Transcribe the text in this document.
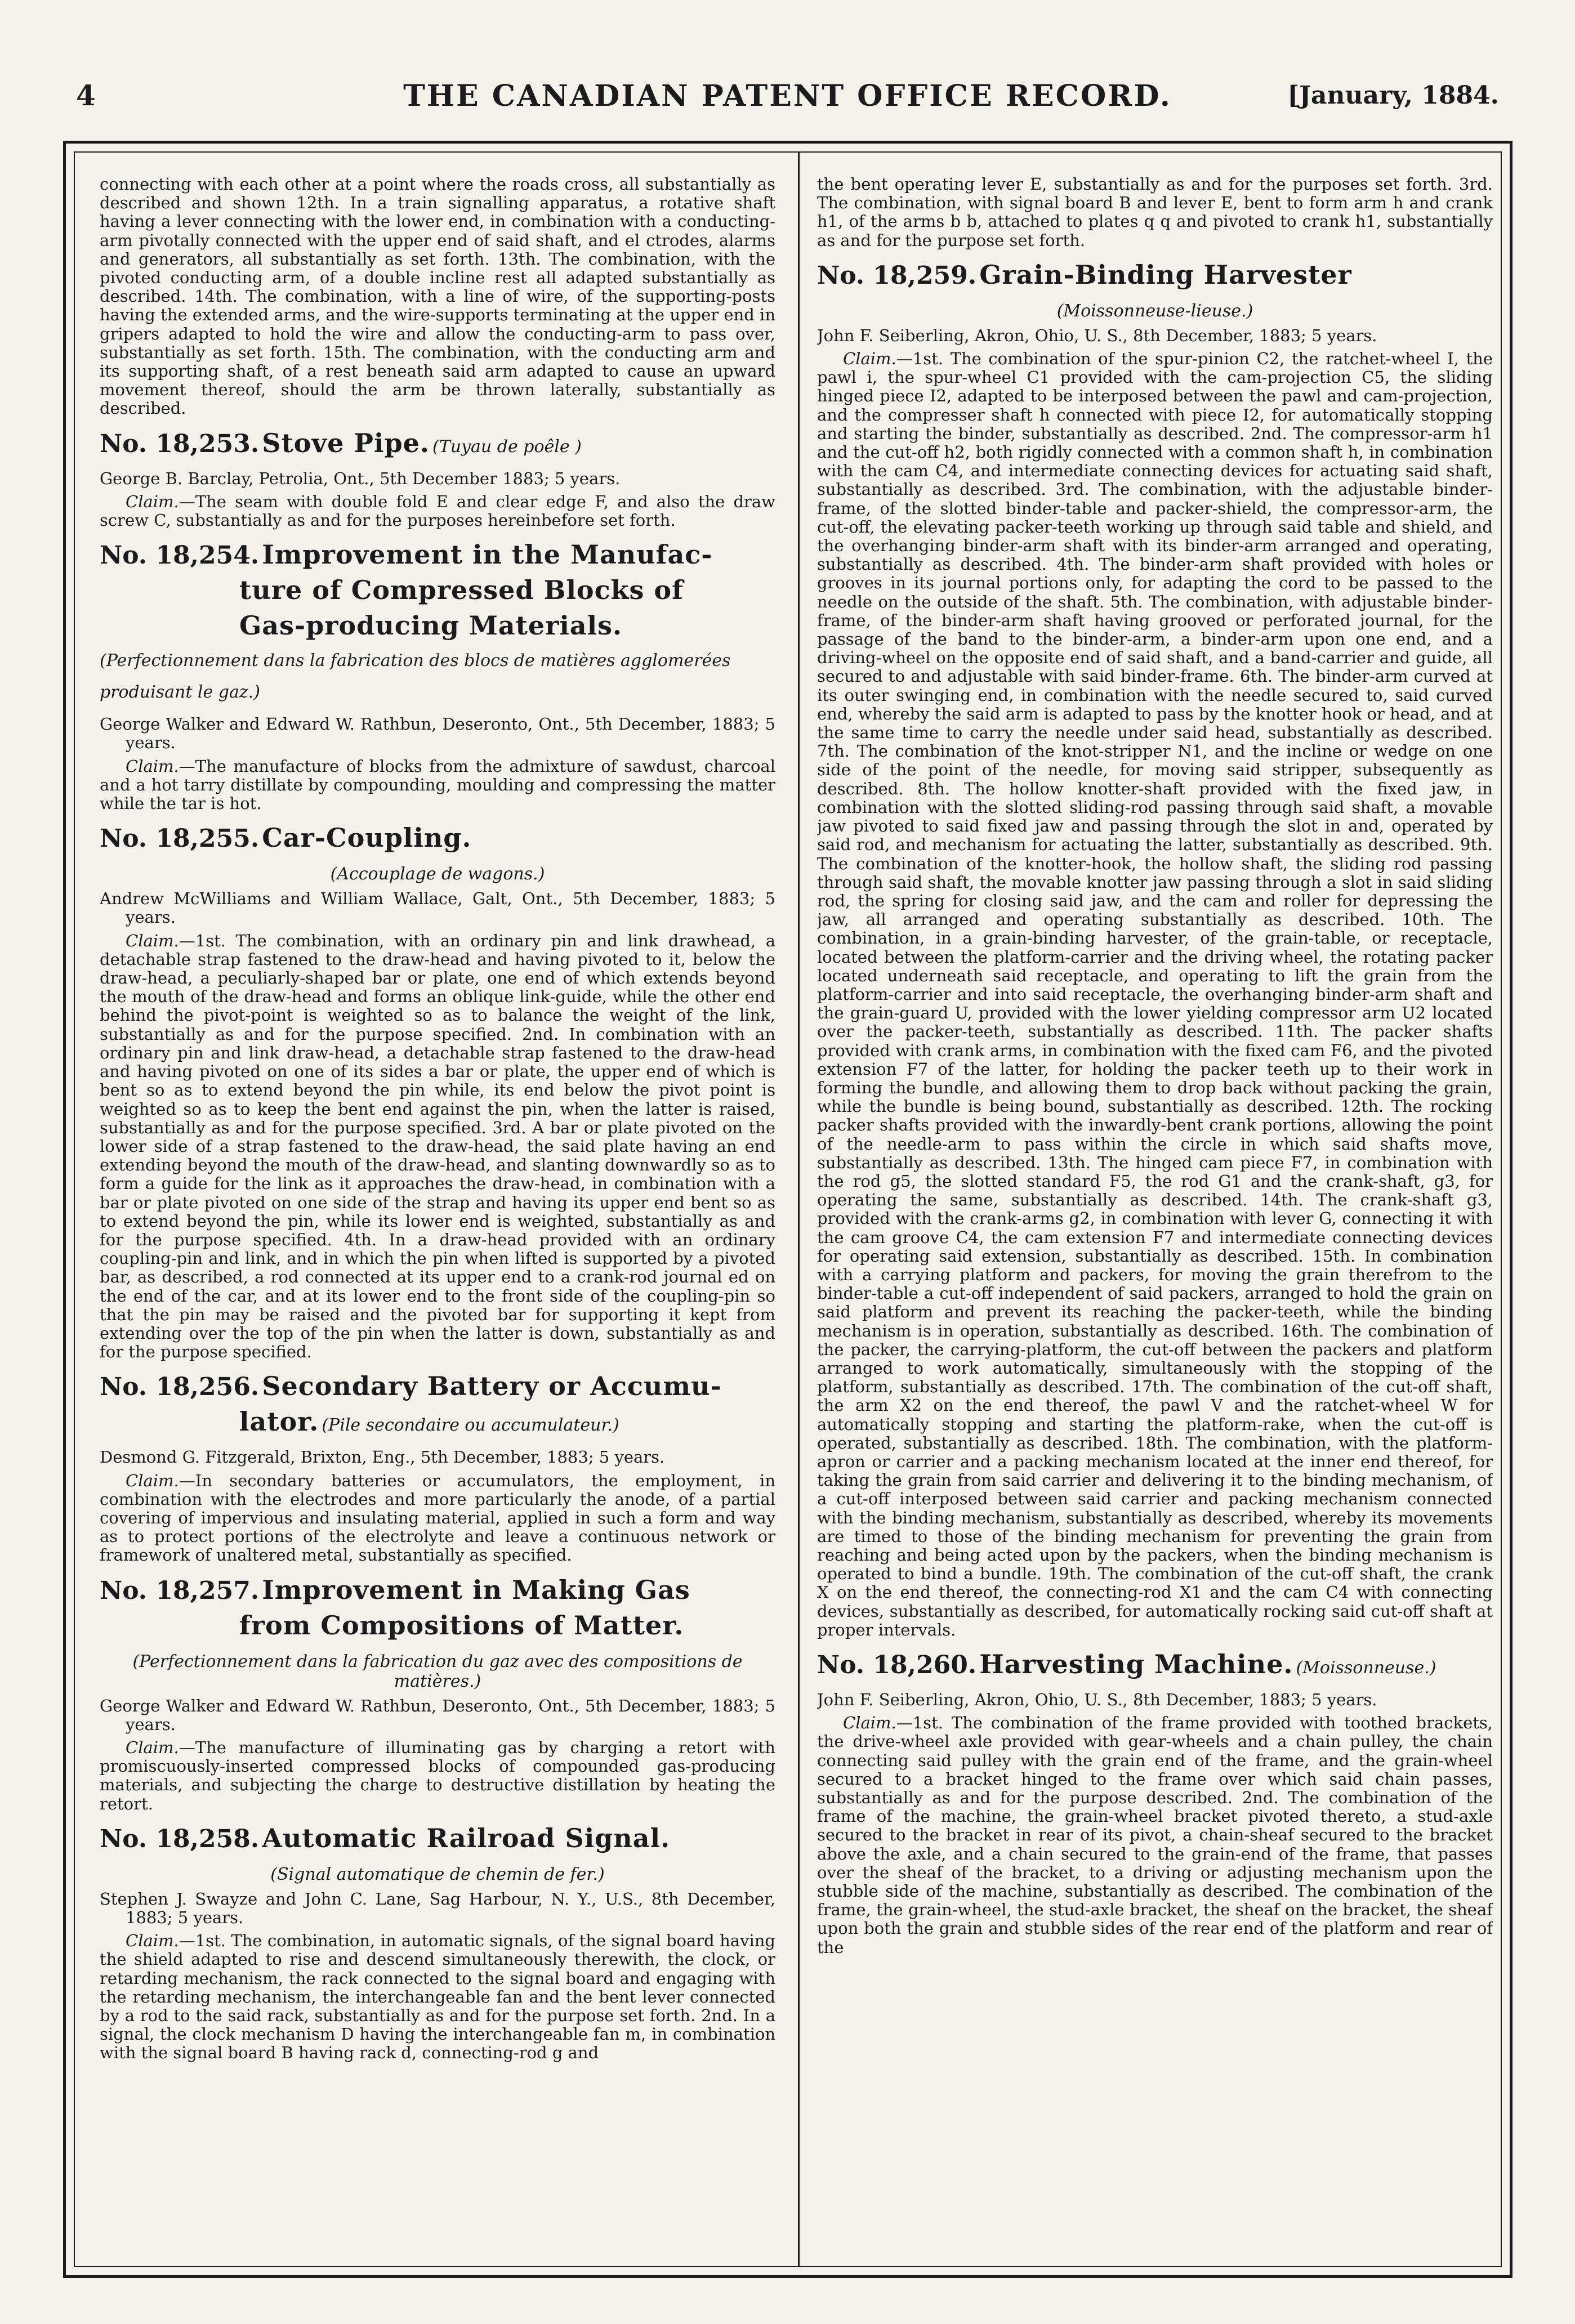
4	THE CANADIAN PATENT OFFICE RECORD.	[January, 1884.

connecting with each other at a point where the roads cross, all substantially as described and shown 12th. In a train signalling apparatus, a rotative shaft having a lever connecting with the lower end, in combination with a conducting-arm pivotally connected with the upper end of said shaft, and el ctrodes, alarms and generators, all substantially as set forth. 13th. The combination, with the pivoted conducting arm, of a double incline rest all adapted substantially as described. 14th. The combination, with a line of wire, of the supporting-posts having the extended arms, and the wire-supports terminating at the upper end in gripers adapted to hold the wire and allow the conducting-arm to pass over, substantially as set forth. 15th. The combination, with the conducting arm and its supporting shaft, of a rest beneath said arm adapted to cause an upward movement thereof, should the arm be thrown laterally, substantially as described.

No. 18,253. Stove Pipe. (Tuyau de poêle )

George B. Barclay, Petrolia, Ont., 5th December 1883; 5 years.

Claim.—The seam with double fold E and clear edge F, and also the draw screw C, substantially as and for the purposes hereinbefore set forth.

No. 18,254. Improvement in the Manufac-
ture of Compressed Blocks of
Gas-producing Materials. (Perfectionnement dans la fabrication des blocs de matières agglomerées produisant le gaz.)

George Walker and Edward W. Rathbun, Deseronto, Ont., 5th December, 1883; 5 years.

Claim.—The manufacture of blocks from the admixture of sawdust, charcoal and a hot tarry distillate by compounding, moulding and compressing the matter while the tar is hot.

No. 18,255. Car-Coupling.
(Accouplage de wagons.)

Andrew McWilliams and William Wallace, Galt, Ont., 5th December, 1883; 5 years.

Claim.—1st. The combination, with an ordinary pin and link drawhead, a detachable strap fastened to the draw-head and having pivoted to it, below the draw-head, a peculiarly-shaped bar or plate, one end of which extends beyond the mouth of the draw-head and forms an oblique link-guide, while the other end behind the pivot-point is weighted so as to balance the weight of the link, substantially as and for the purpose specified. 2nd. In combination with an ordinary pin and link draw-head, a detachable strap fastened to the draw-head and having pivoted on one of its sides a bar or plate, the upper end of which is bent so as to extend beyond the pin while, its end below the pivot point is weighted so as to keep the bent end against the pin, when the latter is raised, substantially as and for the purpose specified. 3rd. A bar or plate pivoted on the lower side of a strap fastened to the draw-head, the said plate having an end extending beyond the mouth of the draw-head, and slanting downwardly so as to form a guide for the link as it approaches the draw-head, in combination with a bar or plate pivoted on one side of the strap and having its upper end bent so as to extend beyond the pin, while its lower end is weighted, substantially as and for the purpose specified. 4th. In a draw-head provided with an ordinary coupling-pin and link, and in which the pin when lifted is supported by a pivoted bar, as described, a rod connected at its upper end to a crank-rod journal ed on the end of the car, and at its lower end to the front side of the coupling-pin so that the pin may be raised and the pivoted bar for supporting it kept from extending over the top of the pin when the latter is down, substantially as and for the purpose specified.

No. 18,256. Secondary Battery or Accumu-
lator. (Pile secondaire ou accumulateur.)

Desmond G. Fitzgerald, Brixton, Eng., 5th December, 1883; 5 years.

Claim.—In secondary batteries or accumulators, the employment, in combination with the electrodes and more particularly the anode, of a partial covering of impervious and insulating material, applied in such a form and way as to protect portions of the electrolyte and leave a continuous network or framework of unaltered metal, substantially as specified.

No. 18,257. Improvement in Making Gas
from Compositions of Matter.
(Perfectionnement dans la fabrication du gaz avec des compositions de matières.)

George Walker and Edward W. Rathbun, Deseronto, Ont., 5th December, 1883; 5 years.

Claim.—The manufacture of illuminating gas by charging a retort with promiscuously-inserted compressed blocks of compounded gas-producing materials, and subjecting the charge to destructive distillation by heating the retort.

No. 18,258. Automatic Railroad Signal.
(Signal automatique de chemin de fer.)

Stephen J. Swayze and John C. Lane, Sag Harbour, N. Y., U.S., 8th December, 1883; 5 years.

Claim.—1st. The combination, in automatic signals, of the signal board having the shield adapted to rise and descend simultaneously therewith, the clock, or retarding mechanism, the rack connected to the signal board and engaging with the retarding mechanism, the interchangeable fan and the bent lever connected by a rod to the said rack, substantially as and for the purpose set forth. 2nd. In a signal, the clock mechanism D having the interchangeable fan m, in combination with the signal board B having rack d, connecting-rod g and

the bent operating lever E, substantially as and for the purposes set forth. 3rd. The combination, with signal board B and lever E, bent to form arm h and crank h1, of the arms b b, attached to plates q q and pivoted to crank h1, substantially as and for the purpose set forth.

No. 18,259. Grain-Binding Harvester
(Moissonneuse-lieuse.)

John F. Seiberling, Akron, Ohio, U. S., 8th December, 1883; 5 years.

Claim.—1st. The combination of the spur-pinion C2, the ratchet-wheel I, the pawl i, the spur-wheel C1 provided with the cam-projection C5, the sliding hinged piece I2, adapted to be interposed between the pawl and cam-projection, and the compresser shaft h connected with piece I2, for automatically stopping and starting the binder, substantially as described. 2nd. The compressor-arm h1 and the cut-off h2, both rigidly connected with a common shaft h, in combination with the cam C4, and intermediate connecting devices for actuating said shaft, substantially as described. 3rd. The combination, with the adjustable binder-frame, of the slotted binder-table and packer-shield, the compressor-arm, the cut-off, the elevating packer-teeth working up through said table and shield, and the overhanging binder-arm shaft with its binder-arm arranged and operating, substantially as described. 4th. The binder-arm shaft provided with holes or grooves in its journal portions only, for adapting the cord to be passed to the needle on the outside of the shaft. 5th. The combination, with adjustable binder-frame, of the binder-arm shaft having grooved or perforated journal, for the passage of the band to the binder-arm, a binder-arm upon one end, and a driving-wheel on the opposite end of said shaft, and a band-carrier and guide, all secured to and adjustable with said binder-frame. 6th. The binder-arm curved at its outer swinging end, in combination with the needle secured to, said curved end, whereby the said arm is adapted to pass by the knotter hook or head, and at the same time to carry the needle under said head, substantially as described. 7th. The combination of the knot-stripper N1, and the incline or wedge on one side of the point of the needle, for moving said stripper, subsequently as described. 8th. The hollow knotter-shaft provided with the fixed jaw, in combination with the slotted sliding-rod passing through said shaft, a movable jaw pivoted to said fixed jaw and passing through the slot in and, operated by said rod, and mechanism for actuating the latter, substantially as described. 9th. The combination of the knotter-hook, the hollow shaft, the sliding rod passing through said shaft, the movable knotter jaw passing through a slot in said sliding rod, the spring for closing said jaw, and the cam and roller for depressing the jaw, all arranged and operating substantially as described. 10th. The combination, in a grain-binding harvester, of the grain-table, or receptacle, located between the platform-carrier and the driving wheel, the rotating packer located underneath said receptacle, and operating to lift the grain from the platform-carrier and into said receptacle, the overhanging binder-arm shaft and the grain-guard U, provided with the lower yielding compressor arm U2 located over the packer-teeth, substantially as described. 11th. The packer shafts provided with crank arms, in combination with the fixed cam F6, and the pivoted extension F7 of the latter, for holding the packer teeth up to their work in forming the bundle, and allowing them to drop back without packing the grain, while the bundle is being bound, substantially as described. 12th. The rocking packer shafts provided with the inwardly-bent crank portions, allowing the point of the needle-arm to pass within the circle in which said shafts move, substantially as described. 13th. The hinged cam piece F7, in combination with the rod g5, the slotted standard F5, the rod G1 and the crank-shaft, g3, for operating the same, substantially as described. 14th. The crank-shaft g3, provided with the crank-arms g2, in combination with lever G, connecting it with the cam groove C4, the cam extension F7 and intermediate connecting devices for operating said extension, substantially as described. 15th. In combination with a carrying platform and packers, for moving the grain therefrom to the binder-table a cut-off independent of said packers, arranged to hold the grain on said platform and prevent its reaching the packer-teeth, while the binding mechanism is in operation, substantially as described. 16th. The combination of the packer, the carrying-platform, the cut-off between the packers and platform arranged to work automatically, simultaneously with the stopping of the platform, substantially as described. 17th. The combination of the cut-off shaft, the arm X2 on the end thereof, the pawl V and the ratchet-wheel W for automatically stopping and starting the platform-rake, when the cut-off is operated, substantially as described. 18th. The combination, with the platform-apron or carrier and a packing mechanism located at the inner end thereof, for taking the grain from said carrier and delivering it to the binding mechanism, of a cut-off interposed between said carrier and packing mechanism connected with the binding mechanism, substantially as described, whereby its movements are timed to those of the binding mechanism for preventing the grain from reaching and being acted upon by the packers, when the binding mechanism is operated to bind a bundle. 19th. The combination of the cut-off shaft, the crank X on the end thereof, the connecting-rod X1 and the cam C4 with connecting devices, substantially as described, for automatically rocking said cut-off shaft at proper intervals.

No. 18,260. Harvesting Machine. (Moissonneuse.)

John F. Seiberling, Akron, Ohio, U. S., 8th December, 1883; 5 years.

Claim.—1st. The combination of the frame provided with toothed brackets, the drive-wheel axle provided with gear-wheels and a chain pulley, the chain connecting said pulley with the grain end of the frame, and the grain-wheel secured to a bracket hinged to the frame over which said chain passes, substantially as and for the purpose described. 2nd. The combination of the frame of the machine, the grain-wheel bracket pivoted thereto, a stud-axle secured to the bracket in rear of its pivot, a chain-sheaf secured to the bracket above the axle, and a chain secured to the grain-end of the frame, that passes over the sheaf of the bracket, to a driving or adjusting mechanism upon the stubble side of the machine, substantially as described. The combination of the frame, the grain-wheel, the stud-axle bracket, the sheaf on the bracket, the sheaf upon both the grain and stubble sides of the rear end of the platform and rear of the
